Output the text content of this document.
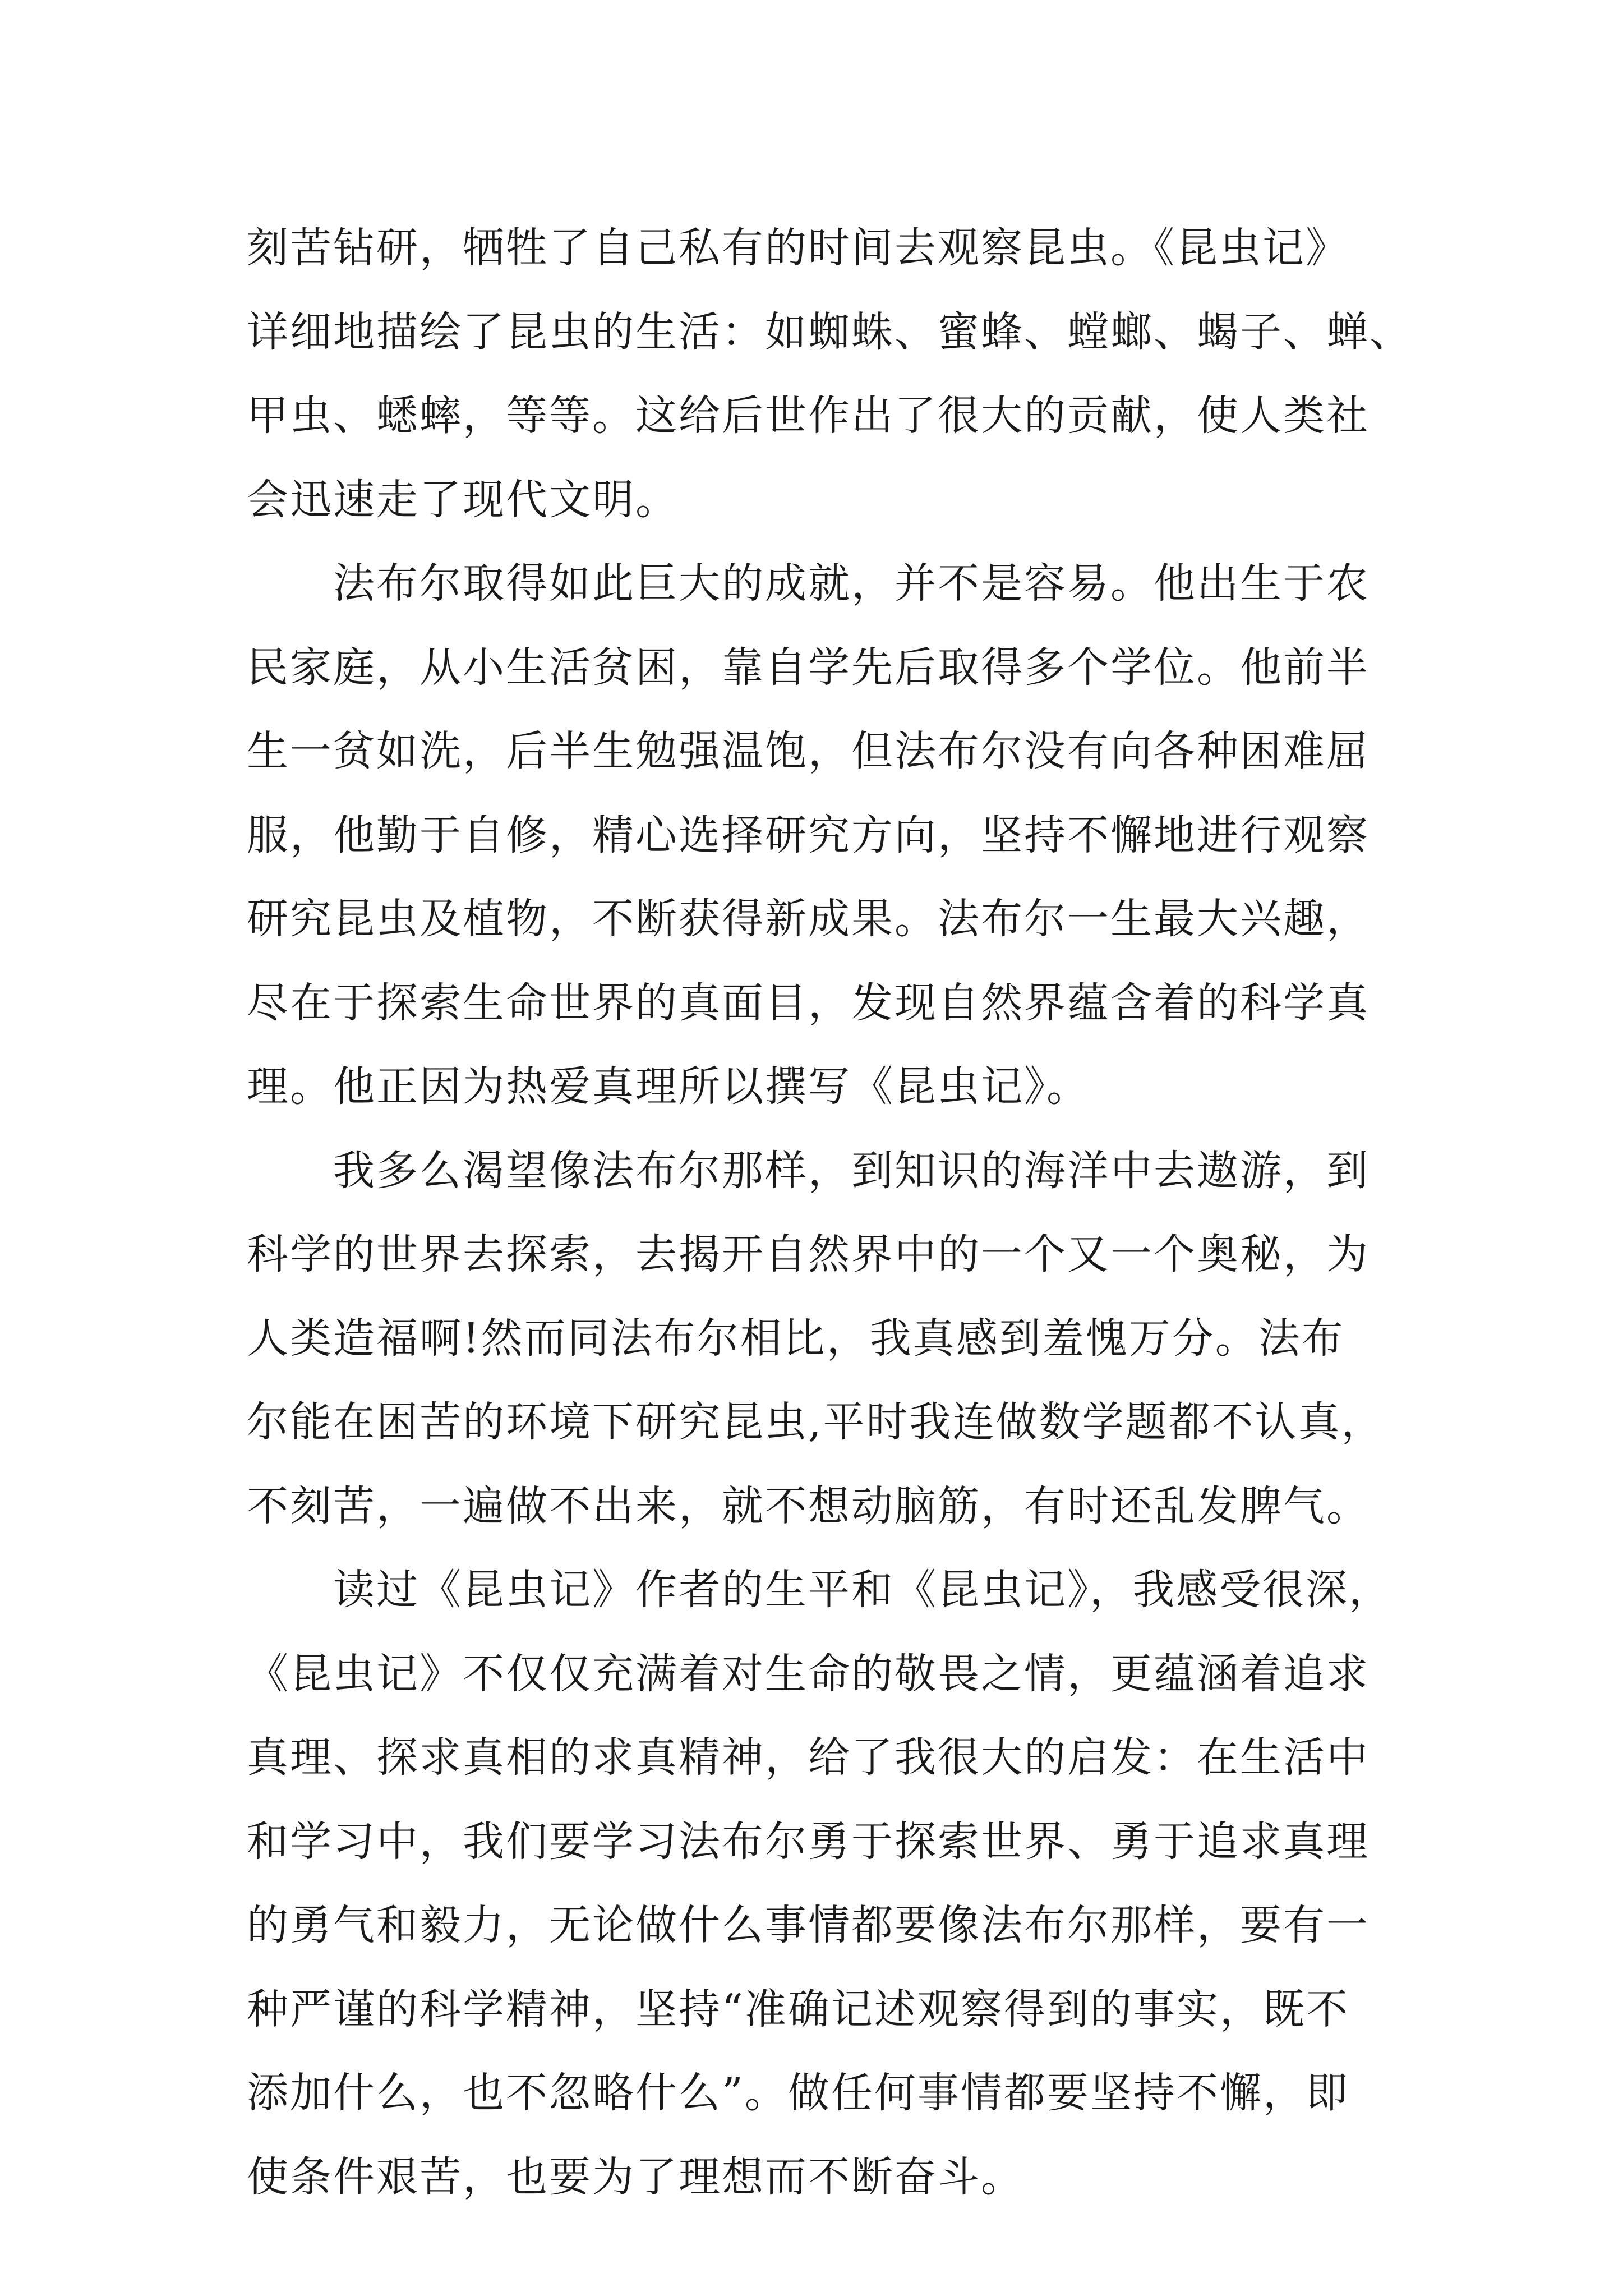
刻苦钻研，牺牲了自己私有的时间去观察昆虫。《昆虫记》
详细地描绘了昆虫的生活：如蜘蛛、蜜蜂、螳螂、蝎子、蝉、
甲虫、蟋蟀，等等。这给后世作出了很大的贡献，使人类社
会迅速走了现代文明。
　　法布尔取得如此巨大的成就，并不是容易。他出生于农
民家庭，从小生活贫困，靠自学先后取得多个学位。他前半
生一贫如洗，后半生勉强温饱，但法布尔没有向各种困难屈
服，他勤于自修，精心选择研究方向，坚持不懈地进行观察
研究昆虫及植物，不断获得新成果。法布尔一生最大兴趣，
尽在于探索生命世界的真面目，发现自然界蕴含着的科学真
理。他正因为热爱真理所以撰写《昆虫记》。
　　我多么渴望像法布尔那样，到知识的海洋中去遨游，到
科学的世界去探索，去揭开自然界中的一个又一个奥秘，为
人类造福啊!然而同法布尔相比，我真感到羞愧万分。法布
尔能在困苦的环境下研究昆虫,平时我连做数学题都不认真，
不刻苦，一遍做不出来，就不想动脑筋，有时还乱发脾气。
　　读过《昆虫记》作者的生平和《昆虫记》，我感受很深，
《昆虫记》不仅仅充满着对生命的敬畏之情，更蕴涵着追求
真理、探求真相的求真精神，给了我很大的启发：在生活中
和学习中，我们要学习法布尔勇于探索世界、勇于追求真理
的勇气和毅力，无论做什么事情都要像法布尔那样，要有一
种严谨的科学精神，坚持“准确记述观察得到的事实，既不
添加什么，也不忽略什么”。做任何事情都要坚持不懈，即
使条件艰苦，也要为了理想而不断奋斗。
